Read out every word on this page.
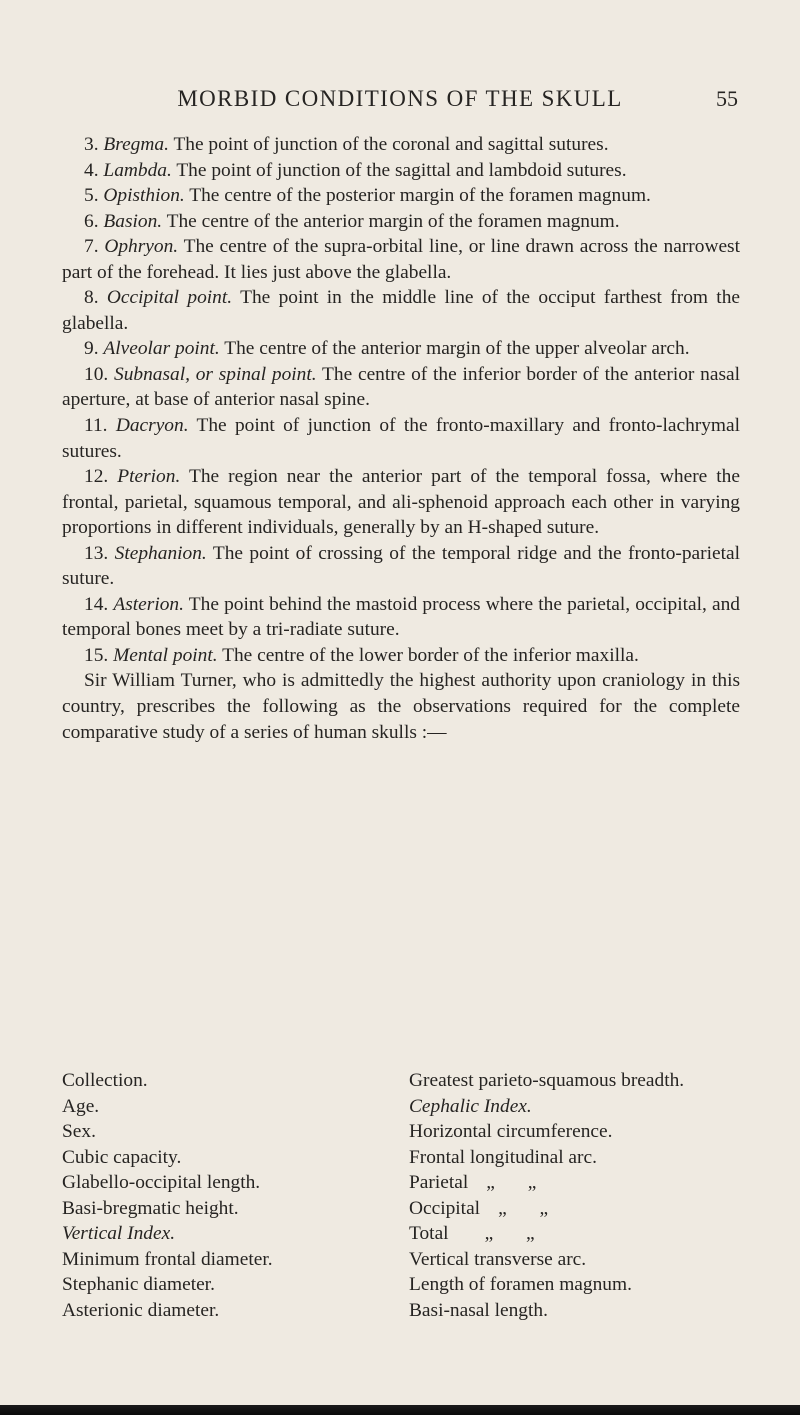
MORBID CONDITIONS OF THE SKULL	55

3. Bregma. The point of junction of the coronal and sagittal sutures.

4. Lambda. The point of junction of the sagittal and lambdoid sutures.

5. Opisthion. The centre of the posterior margin of the foramen magnum.

6. Basion. The centre of the anterior margin of the foramen magnum.

7. Ophryon. The centre of the supra-orbital line, or line drawn across the narrowest part of the forehead. It lies just above the glabella.

8. Occipital point. The point in the middle line of the occiput farthest from the glabella.

9. Alveolar point. The centre of the anterior margin of the upper alveolar arch.

10. Subnasal, or spinal point. The centre of the inferior border of the anterior nasal aperture, at base of anterior nasal spine.

11. Dacryon. The point of junction of the fronto-maxillary and fronto-lachrymal sutures.

12. Pterion. The region near the anterior part of the temporal fossa, where the frontal, parietal, squamous temporal, and ali-sphenoid approach each other in varying proportions in different individuals, generally by an H-shaped suture.

13. Stephanion. The point of crossing of the temporal ridge and the fronto-parietal suture.

14. Asterion. The point behind the mastoid process where the parietal, occipital, and temporal bones meet by a tri-radiate suture.

15. Mental point. The centre of the lower border of the inferior maxilla.

Sir William Turner, who is admittedly the highest authority upon craniology in this country, prescribes the following as the observations required for the complete comparative study of a series of human skulls :—

Collection.
Age.
Sex.
Cubic capacity.
Glabello-occipital length.
Basi-bregmatic height.
Vertical Index.
Minimum frontal diameter.
Stephanic diameter.
Asterionic diameter.
Greatest parieto-squamous breadth.
Cephalic Index.
Horizontal circumference.
Frontal longitudinal arc.
Parietal „ „
Occipital „ „
Total „ „
Vertical transverse arc.
Length of foramen magnum.
Basi-nasal length.
